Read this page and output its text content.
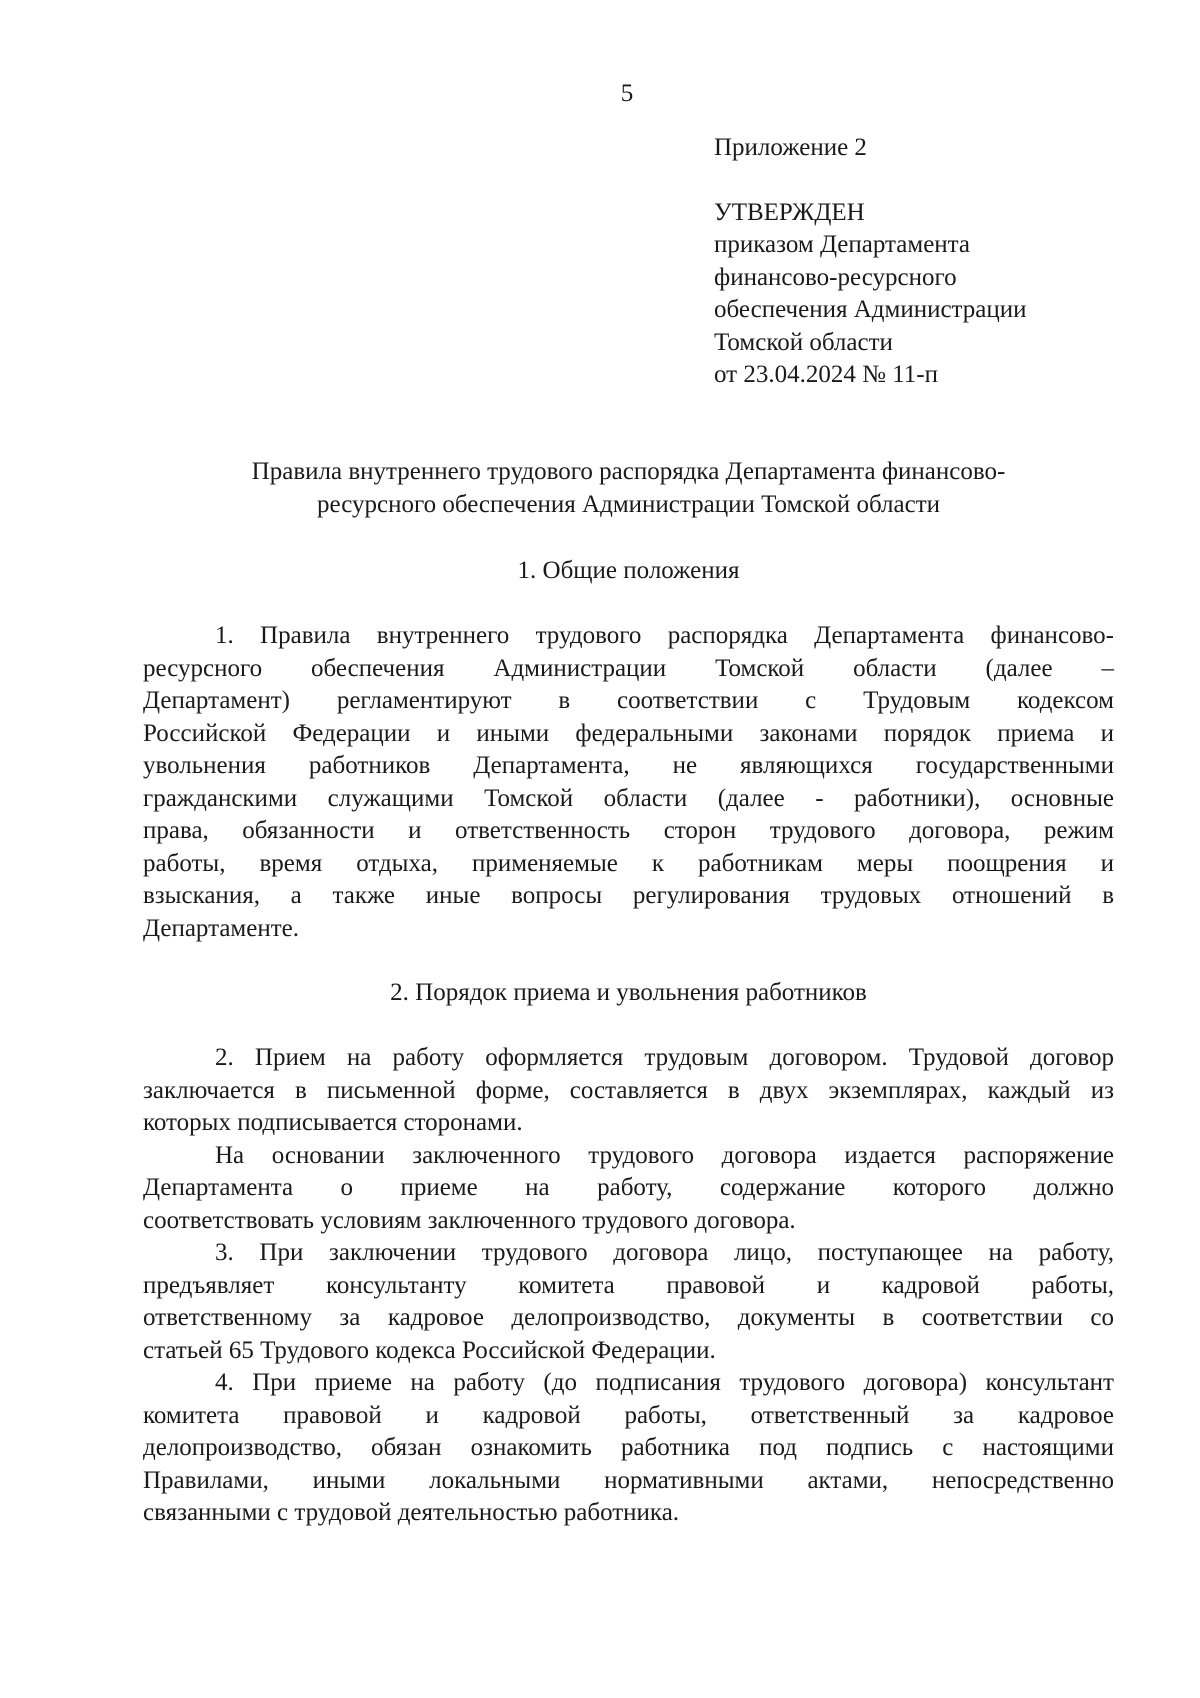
5
Приложение 2
УТВЕРЖДЕН
приказом Департамента
финансово-ресурсного
обеспечения Администрации
Томской области
от 23.04.2024 № 11-п
Правила внутреннего трудового распорядка Департамента финансово-
ресурсного обеспечения Администрации Томской области
1. Общие положения
1. Правила внутреннего трудового распорядка Департамента финансово-
ресурсного обеспечения Администрации Томской области (далее –
Департамент) регламентируют в соответствии с Трудовым кодексом
Российской Федерации и иными федеральными законами порядок приема и
увольнения работников Департамента, не являющихся государственными
гражданскими служащими Томской области (далее - работники), основные
права, обязанности и ответственность сторон трудового договора, режим
работы, время отдыха, применяемые к работникам меры поощрения и
взыскания, а также иные вопросы регулирования трудовых отношений в
Департаменте.
2. Порядок приема и увольнения работников
2. Прием на работу оформляется трудовым договором. Трудовой договор
заключается в письменной форме, составляется в двух экземплярах, каждый из
которых подписывается сторонами.
На основании заключенного трудового договора издается распоряжение
Департамента о приеме на работу, содержание которого должно
соответствовать условиям заключенного трудового договора.
3. При заключении трудового договора лицо, поступающее на работу,
предъявляет консультанту комитета правовой и кадровой работы,
ответственному за кадровое делопроизводство, документы в соответствии со
статьей 65 Трудового кодекса Российской Федерации.
4. При приеме на работу (до подписания трудового договора) консультант
комитета правовой и кадровой работы, ответственный за кадровое
делопроизводство, обязан ознакомить работника под подпись с настоящими
Правилами, иными локальными нормативными актами, непосредственно
связанными с трудовой деятельностью работника.
